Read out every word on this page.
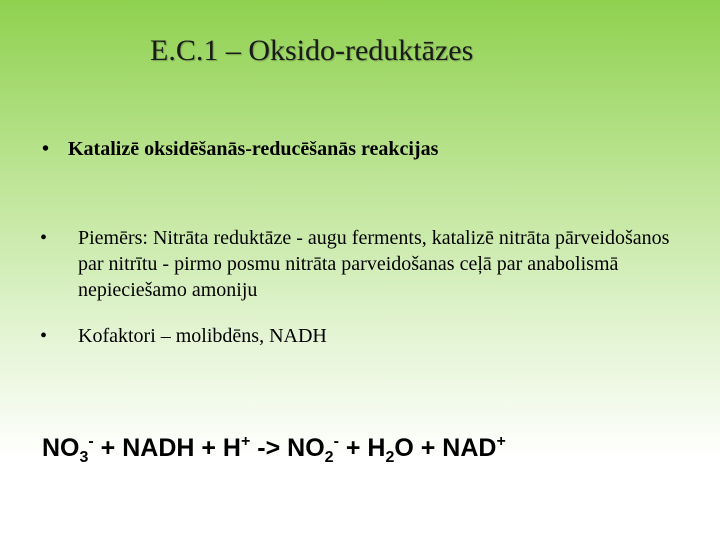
E.C.1 – Oksido-reduktāzes
• Katalizē oksidēšanās-reducēšanās reakcijas
• Piemērs: Nitrāta reduktāze - augu ferments, katalizē nitrāta pārveidošanos par nitrītu - pirmo posmu nitrāta parveidošanas ceļā par anabolismā nepieciešamo amoniju
• Kofaktori – molibdēns, NADH
$NO_3^-$ + NADH + $H^+ -> NO_2^- + H_2O + NAD^+$
